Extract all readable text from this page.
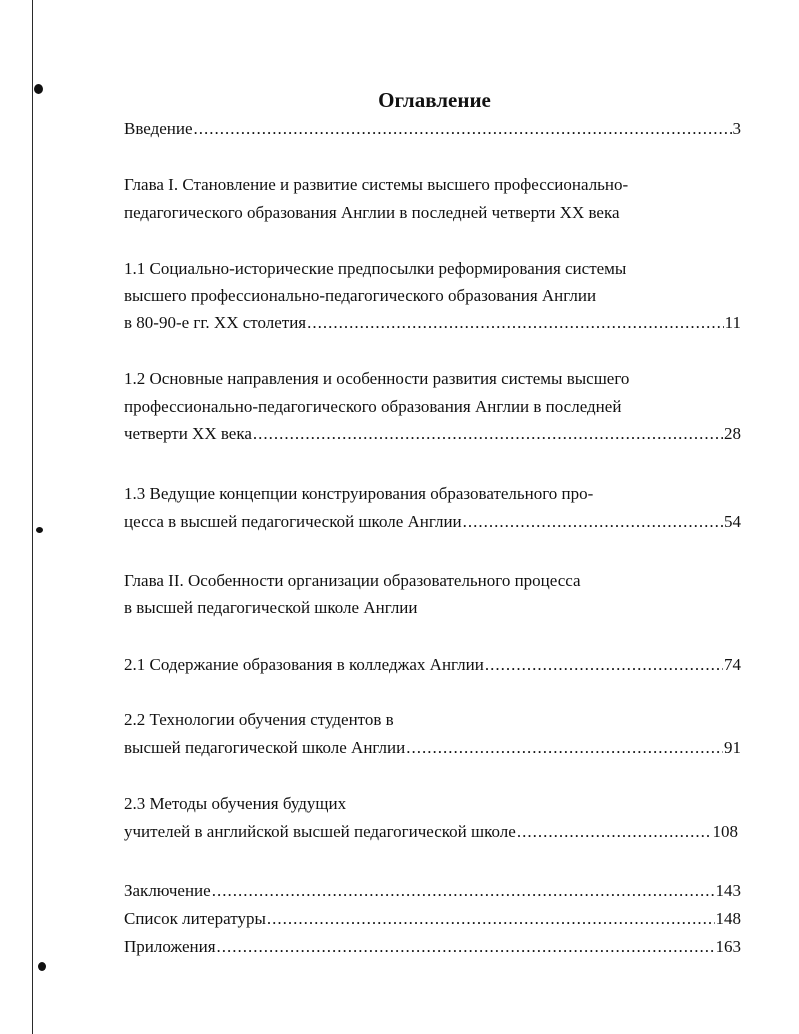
Оглавление
Введение .....	3
Глава I. Становление и развитие системы высшего профессионально-
педагогического образования Англии в последней четверти XX века
1.1 Социально-исторические предпосылки реформирования системы
высшего профессионально-педагогического образования Англии
в 80-90-е гг. XX столетия .....	11
1.2 Основные направления и особенности развития системы высшего
профессионально-педагогического образования Англии в последней
четверти XX века .....	28
1.3 Ведущие концепции конструирования образовательного про-
цесса в высшей педагогической школе Англии .....	54
Глава II. Особенности организации образовательного процесса
в высшей педагогической школе Англии
2.1 Содержание образования в колледжах Англии .....	74
2.2 Технологии обучения студентов в
высшей педагогической школе Англии .....	91
2.3 Методы обучения будущих
учителей в английской высшей педагогической школе .....	108
Заключение .....	143
Список литературы .....	148
Приложения .....	163
